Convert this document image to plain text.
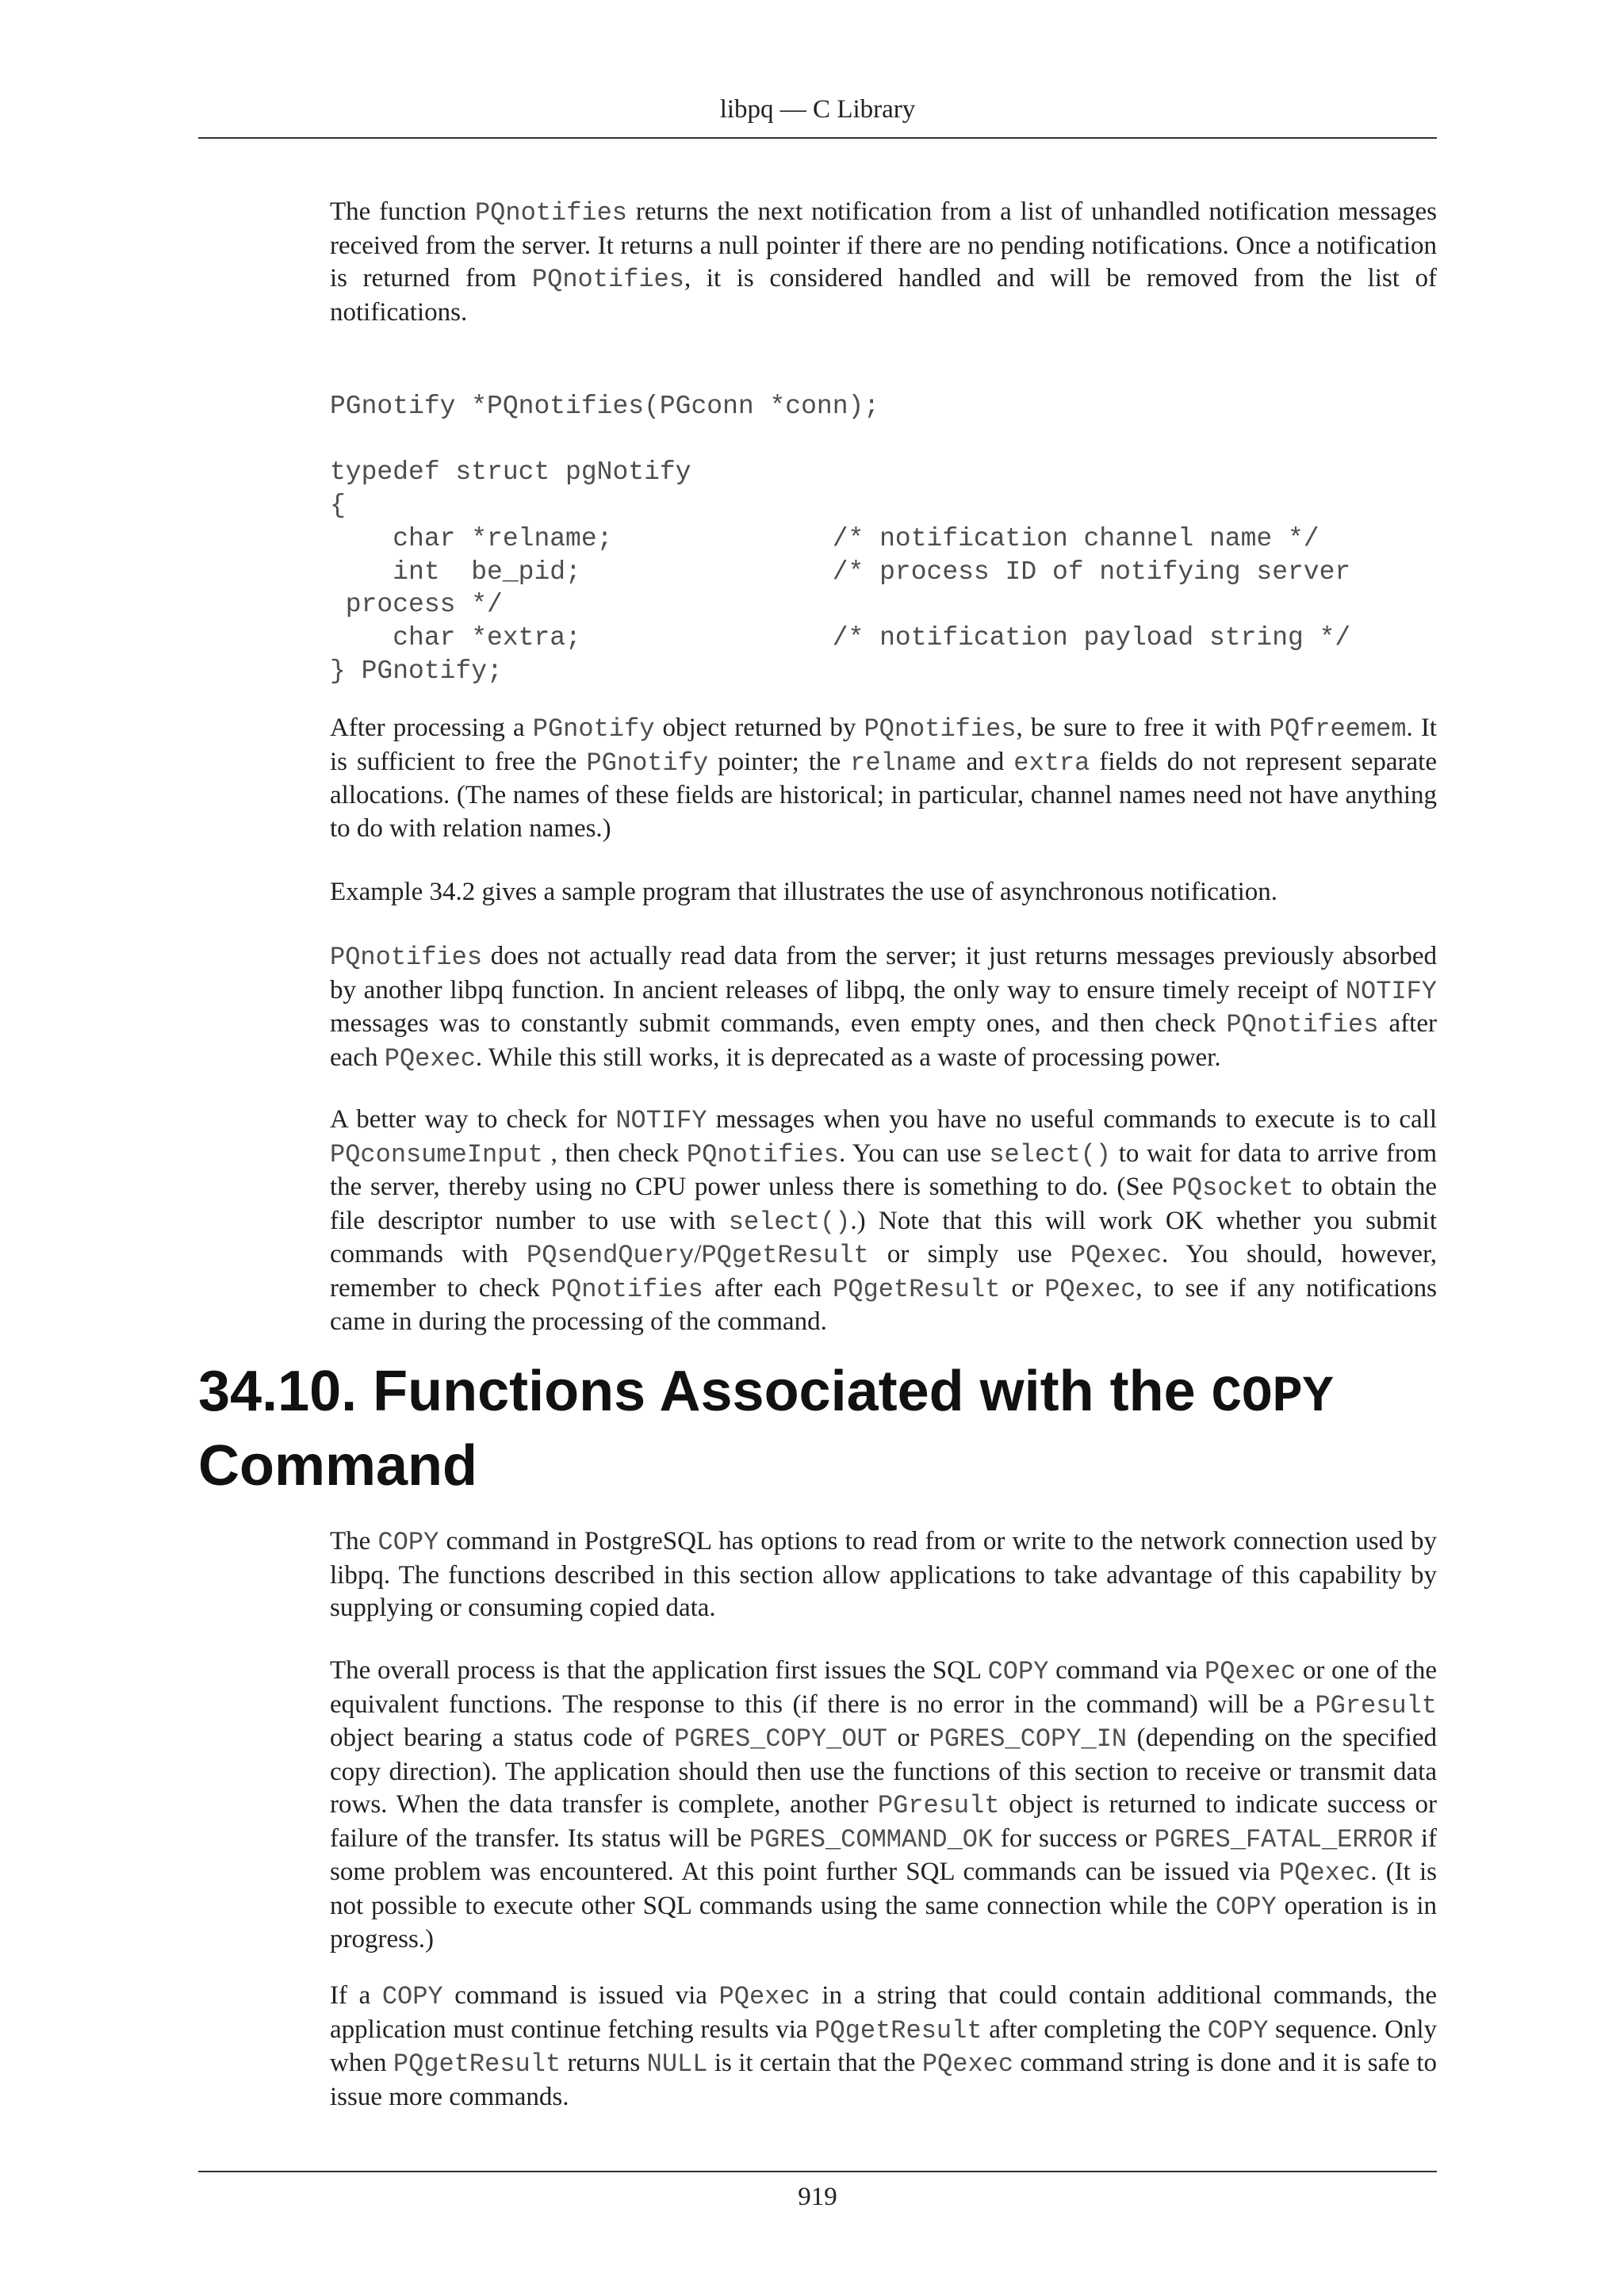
libpq — C Library

The function PQnotifies returns the next notification from a list of unhandled notification messages received from the server. It returns a null pointer if there are no pending notifications. Once a notification is returned from PQnotifies, it is considered handled and will be removed from the list of notifications.

PGnotify *PQnotifies(PGconn *conn);

typedef struct pgNotify
{
char *relname;              /* notification channel name */
int  be_pid;                /* process ID of notifying server
process */
char *extra;                /* notification payload string */
} PGnotify;

After processing a PGnotify object returned by PQnotifies, be sure to free it with PQfreemem. It is sufficient to free the PGnotify pointer; the relname and extra fields do not represent separate allocations. (The names of these fields are historical; in particular, channel names need not have anything to do with relation names.)

Example 34.2 gives a sample program that illustrates the use of asynchronous notification.

PQnotifies does not actually read data from the server; it just returns messages previously absorbed by another libpq function. In ancient releases of libpq, the only way to ensure timely receipt of NOTIFY messages was to constantly submit commands, even empty ones, and then check PQnotifies after each PQexec. While this still works, it is deprecated as a waste of processing power.

A better way to check for NOTIFY messages when you have no useful commands to execute is to call PQconsumeInput , then check PQnotifies. You can use select() to wait for data to arrive from the server, thereby using no CPU power unless there is something to do. (See PQsocket to obtain the file descriptor number to use with select().) Note that this will work OK whether you submit commands with PQsendQuery/PQgetResult or simply use PQexec. You should, however, remember to check PQnotifies after each PQgetResult or PQexec, to see if any notifications came in during the processing of the command.

34.10. Functions Associated with the COPY
Command

The COPY command in PostgreSQL has options to read from or write to the network connection used by libpq. The functions described in this section allow applications to take advantage of this capability by supplying or consuming copied data.

The overall process is that the application first issues the SQL COPY command via PQexec or one of the equivalent functions. The response to this (if there is no error in the command) will be a PGresult object bearing a status code of PGRES_COPY_OUT or PGRES_COPY_IN (depending on the specified copy direction). The application should then use the functions of this section to receive or transmit data rows. When the data transfer is complete, another PGresult object is returned to indicate success or failure of the transfer. Its status will be PGRES_COMMAND_OK for success or PGRES_FATAL_ERROR if some problem was encountered. At this point further SQL commands can be issued via PQexec. (It is not possible to execute other SQL commands using the same connection while the COPY operation is in progress.)

If a COPY command is issued via PQexec in a string that could contain additional commands, the application must continue fetching results via PQgetResult after completing the COPY sequence. Only when PQgetResult returns NULL is it certain that the PQexec command string is done and it is safe to issue more commands.

919
